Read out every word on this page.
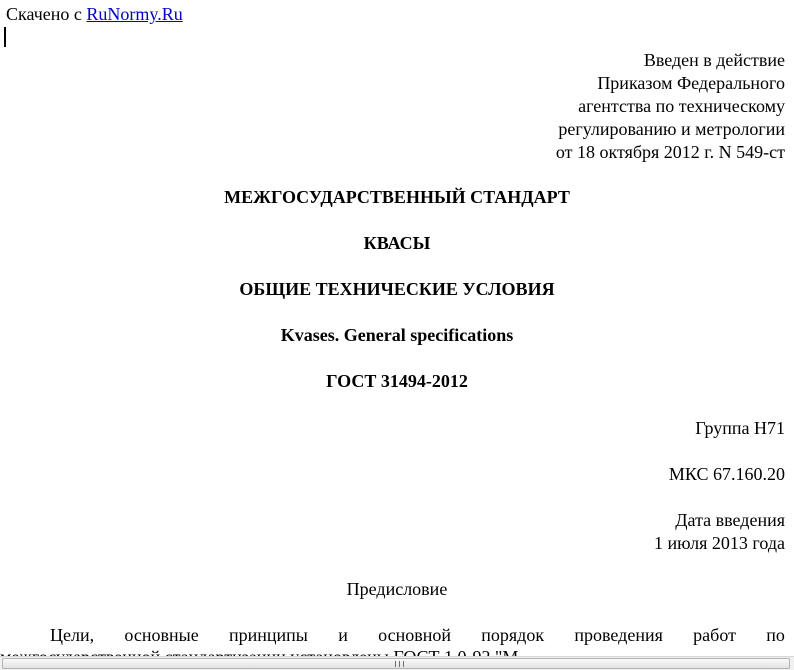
Скачено с RuNormy.Ru
Введен в действие
Приказом Федерального
агентства по техническому
регулированию и метрологии
от 18 октября 2012 г. N 549-ст
МЕЖГОСУДАРСТВЕННЫЙ СТАНДАРТ
КВАСЫ
ОБЩИЕ ТЕХНИЧЕСКИЕ УСЛОВИЯ
Kvases. General specifications
ГОСТ 31494-2012
Группа Н71
МКС 67.160.20
Дата введения
1 июля 2013 года
Предисловие
Цели, основные принципы и основной порядок проведения работ по
